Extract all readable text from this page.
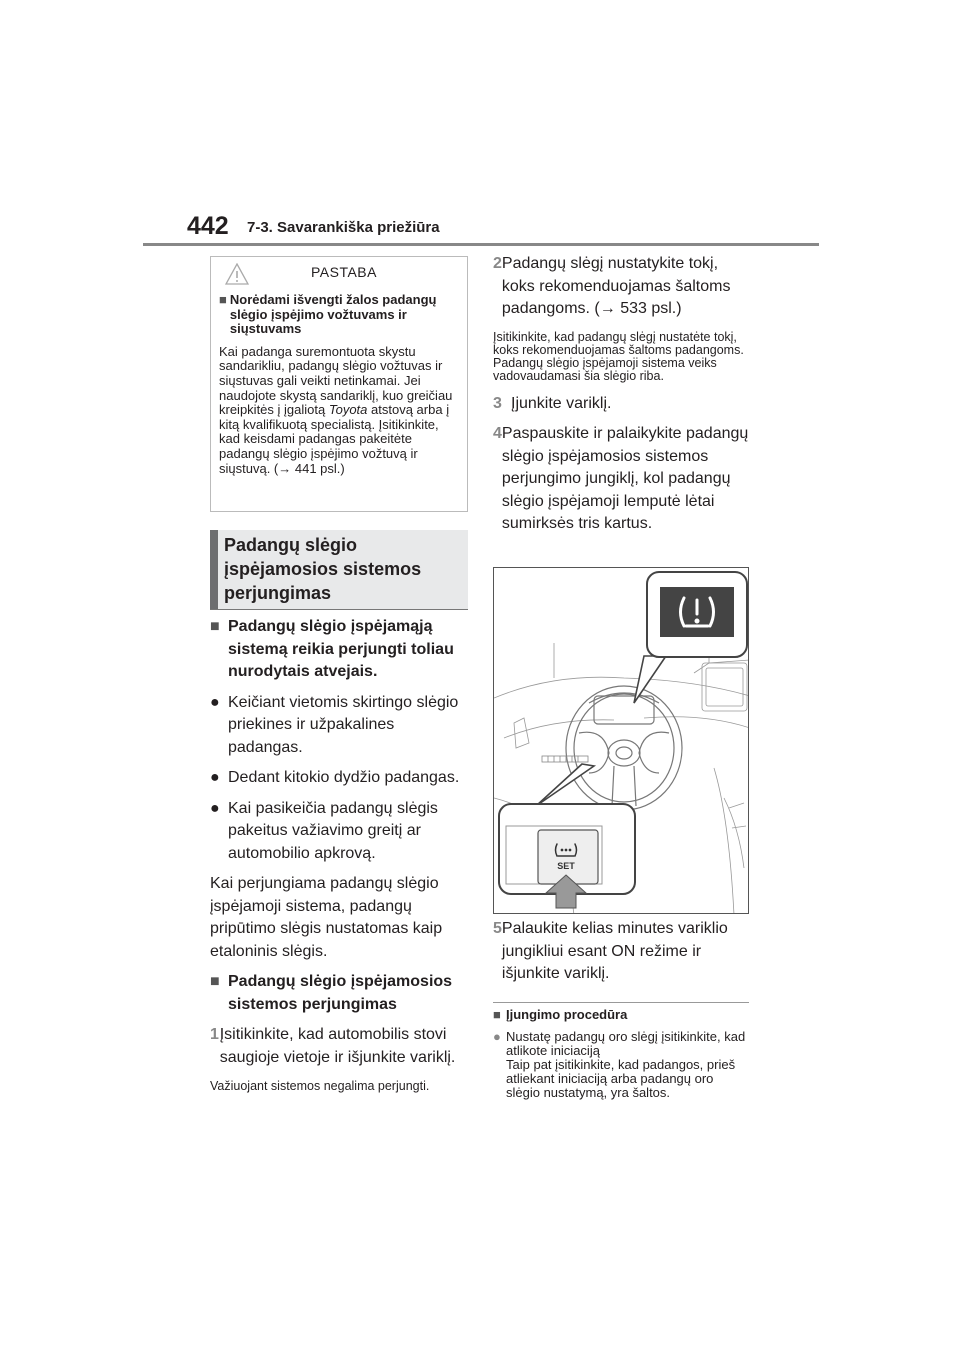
442 7-3. Savarankiška priežiūra
PASTABA
■ Norėdami išvengti žalos padangų slėgio įspėjimo vožtuvams ir siųstuvams
Kai padanga suremontuota skystu sandarikliu, padangų slėgio vožtuvas ir siųstuvas gali veikti netinkamai. Jei naudojote skystą sandariklį, kuo greičiau kreipkitės į įgaliotą Toyota atstovą arba į kitą kvalifikuotą specialistą. Įsitikinkite, kad keisdami padangas pakeitėte padangų slėgio įspėjimo vožtuvą ir siųstuvą. (→ 441 psl.)
Padangų slėgio
įspėjamosios sistemos
perjungimas
■ Padangų slėgio įspėjamąją sistemą reikia perjungti toliau nurodytais atvejais.
● Keičiant vietomis skirtingo slėgio priekines ir užpakalines padangas.
● Dedant kitokio dydžio padangas.
● Kai pasikeičia padangų slėgis pakeitus važiavimo greitį ar automobilio apkrovą.
Kai perjungiama padangų slėgio įspėjamoji sistema, padangų pripūtimo slėgis nustatomas kaip etaloninis slėgis.
■ Padangų slėgio įspėjamosios sistemos perjungimas
1 Įsitikinkite, kad automobilis stovi saugioje vietoje ir išjunkite variklį.
Važiuojant sistemos negalima perjungti.
2 Padangų slėgį nustatykite tokį, koks rekomenduojamas šaltoms padangoms. (→ 533 psl.)
Įsitikinkite, kad padangų slėgį nustatėte tokį, koks rekomenduojamas šaltoms padangoms. Padangų slėgio įspėjamoji sistema veiks vadovaudamasi šia slėgio riba.
3 Įjunkite variklį.
4 Paspauskite ir palaikykite padangų slėgio įspėjamosios sistemos perjungimo jungiklį, kol padangų slėgio įspėjamoji lemputė lėtai sumirksės tris kartus.
SET
5 Palaukite kelias minutes variklio jungikliui esant ON režime ir išjunkite variklį.
■ Įjungimo procedūra
● Nustatę padangų oro slėgį įsitikinkite, kad atlikote iniciaciją
Taip pat įsitikinkite, kad padangos, prieš atliekant iniciaciją arba padangų oro slėgio nustatymą, yra šaltos.
